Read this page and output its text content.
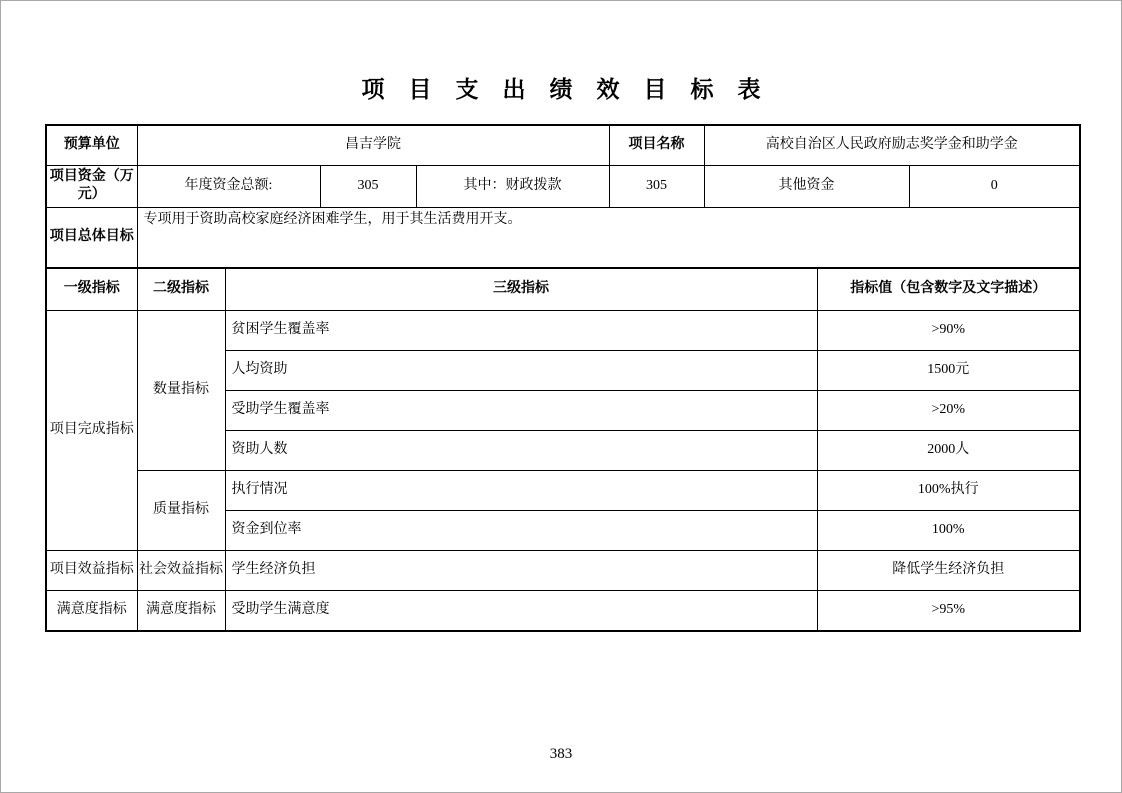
项目支出绩效目标表
预算单位	昌吉学院			项目名称	高校自治区人民政府励志奖学金和助学金	
项目资金（万元）	年度资金总额:	305	其中：财政拨款	305	其他资金	0
项目总体目标	专项用于资助高校家庭经济困难学生，用于其生活费用开支。					
一级指标	二级指标	三级指标	指标值（包含数字及文字描述）
项目完成指标	数量指标	贫困学生覆盖率	>90%
		人均资助	1500元
		受助学生覆盖率	>20%
		资助人数	2000人
	质量指标	执行情况	100%执行
		资金到位率	100%
项目效益指标	社会效益指标	学生经济负担	降低学生经济负担
满意度指标	满意度指标	受助学生满意度	>95%
383
